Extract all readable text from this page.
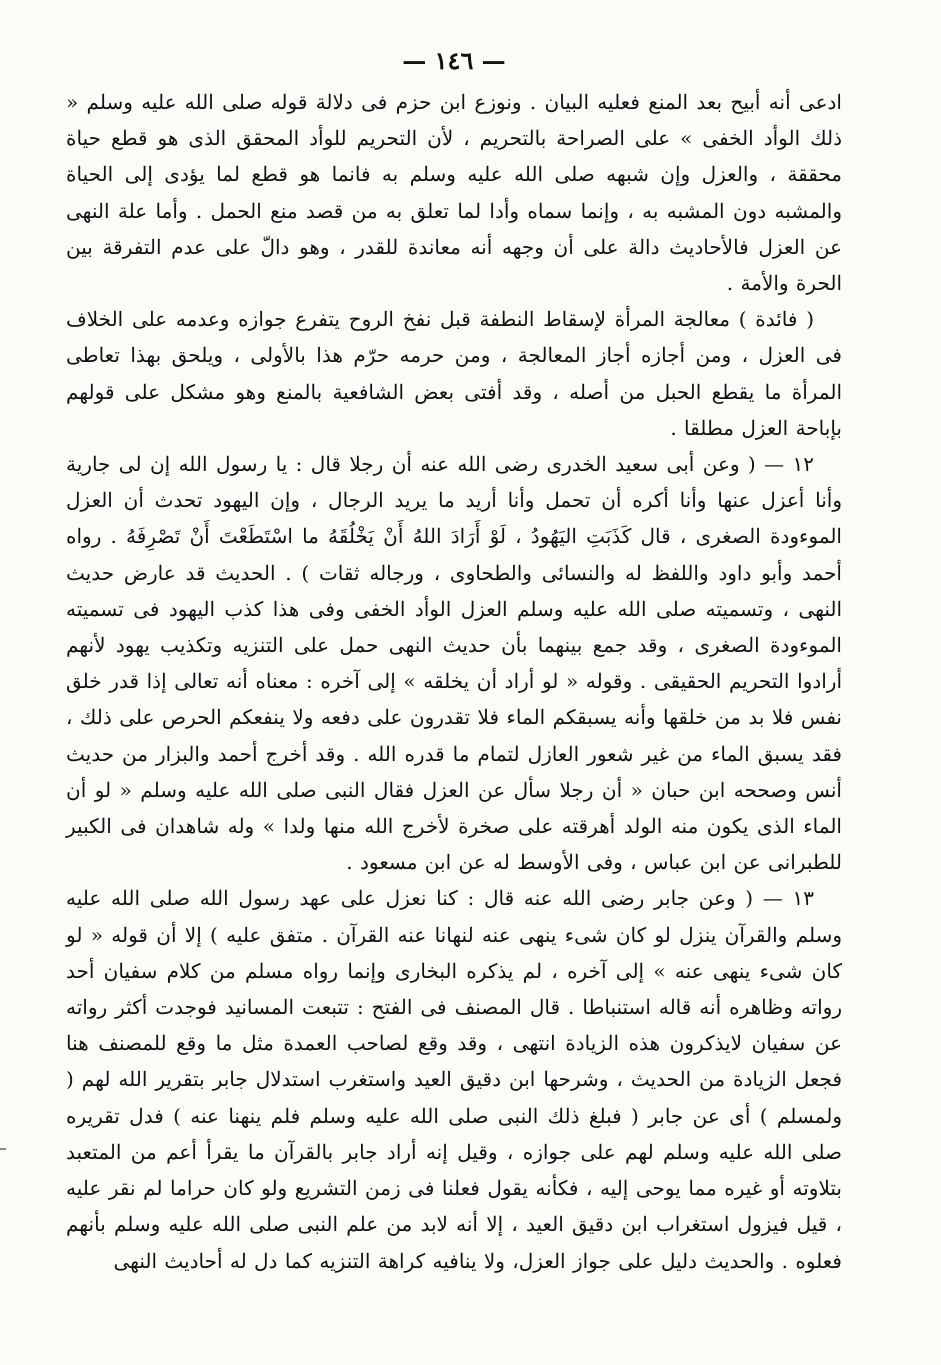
— ١٤٦ —

ادعى أنه أبيح بعد المنع فعليه البيان . ونوزع ابن حزم فى دلالة قوله صلى الله عليه وسلم « ذلك الوأد الخفى » على الصراحة بالتحريم ، لأن التحريم للوأد المحقق الذى هو قطع حياة محققة ، والعزل وإن شبهه صلى الله عليه وسلم به فانما هو قطع لما يؤدى إلى الحياة والمشبه دون المشبه به ، وإنما سماه وأدا لما تعلق به من قصد منع الحمل . وأما علة النهى عن العزل فالأحاديث دالة على أن وجهه أنه معاندة للقدر ، وهو دالّ على عدم التفرقة بين الحرة والأمة .

( فائدة ) معالجة المرأة لإسقاط النطفة قبل نفخ الروح يتفرع جوازه وعدمه على الخلاف فى العزل ، ومن أجازه أجاز المعالجة ، ومن حرمه حرّم هذا بالأولى ، ويلحق بهذا تعاطى المرأة ما يقطع الحبل من أصله ، وقد أفتى بعض الشافعية بالمنع وهو مشكل على قولهم بإباحة العزل مطلقا .

١٢ — ( وعن أبى سعيد الخدرى رضى الله عنه أن رجلا قال : يا رسول الله إن لى جارية وأنا أعزل عنها وأنا أكره أن تحمل وأنا أريد ما يريد الرجال ، وإن اليهود تحدث أن العزل الموءودة الصغرى ، قال كَذَبَتِ اليَهُودُ ، لَوْ أَرَادَ اللهُ أَنْ يَخْلُقَهُ ما اسْتَطَعْتَ أَنْ تَصْرِفَهُ . رواه أحمد وأبو داود واللفظ له والنسائى والطحاوى ، ورجاله ثقات ) . الحديث قد عارض حديث النهى ، وتسميته صلى الله عليه وسلم العزل الوأد الخفى وفى هذا كذب اليهود فى تسميته الموءودة الصغرى ، وقد جمع بينهما بأن حديث النهى حمل على التنزيه وتكذيب يهود لأنهم أرادوا التحريم الحقيقى . وقوله « لو أراد أن يخلقه » إلى آخره : معناه أنه تعالى إذا قدر خلق نفس فلا بد من خلقها وأنه يسبقكم الماء فلا تقدرون على دفعه ولا ينفعكم الحرص على ذلك ، فقد يسبق الماء من غير شعور العازل لتمام ما قدره الله . وقد أخرج أحمد والبزار من حديث أنس وصححه ابن حبان « أن رجلا سأل عن العزل فقال النبى صلى الله عليه وسلم « لو أن الماء الذى يكون منه الولد أهرقته على صخرة لأخرج الله منها ولدا » وله شاهدان فى الكبير للطبرانى عن ابن عباس ، وفى الأوسط له عن ابن مسعود .

١٣ — ( وعن جابر رضى الله عنه قال : كنا نعزل على عهد رسول الله صلى الله عليه وسلم والقرآن ينزل لو كان شىء ينهى عنه لنهانا عنه القرآن . متفق عليه ) إلا أن قوله « لو كان شىء ينهى عنه » إلى آخره ، لم يذكره البخارى وإنما رواه مسلم من كلام سفيان أحد رواته وظاهره أنه قاله استنباطا . قال المصنف فى الفتح : تتبعت المسانيد فوجدت أكثر رواته عن سفيان لايذكرون هذه الزيادة انتهى ، وقد وقع لصاحب العمدة مثل ما وقع للمصنف هنا فجعل الزيادة من الحديث ، وشرحها ابن دقيق العيد واستغرب استدلال جابر بتقرير الله لهم ( ولمسلم ) أى عن جابر ( فبلغ ذلك النبى صلى الله عليه وسلم فلم ينهنا عنه ) فدل تقريره صلى الله عليه وسلم لهم على جوازه ، وقيل إنه أراد جابر بالقرآن ما يقرأ أعم من المتعبد بتلاوته أو غيره مما يوحى إليه ، فكأنه يقول فعلنا فى زمن التشريع ولو كان حراما لم نقر عليه ، قيل فيزول استغراب ابن دقيق العيد ، إلا أنه لابد من علم النبى صلى الله عليه وسلم بأنهم فعلوه . والحديث دليل على جواز العزل، ولا ينافيه كراهة التنزيه كما دل له أحاديث النهى
